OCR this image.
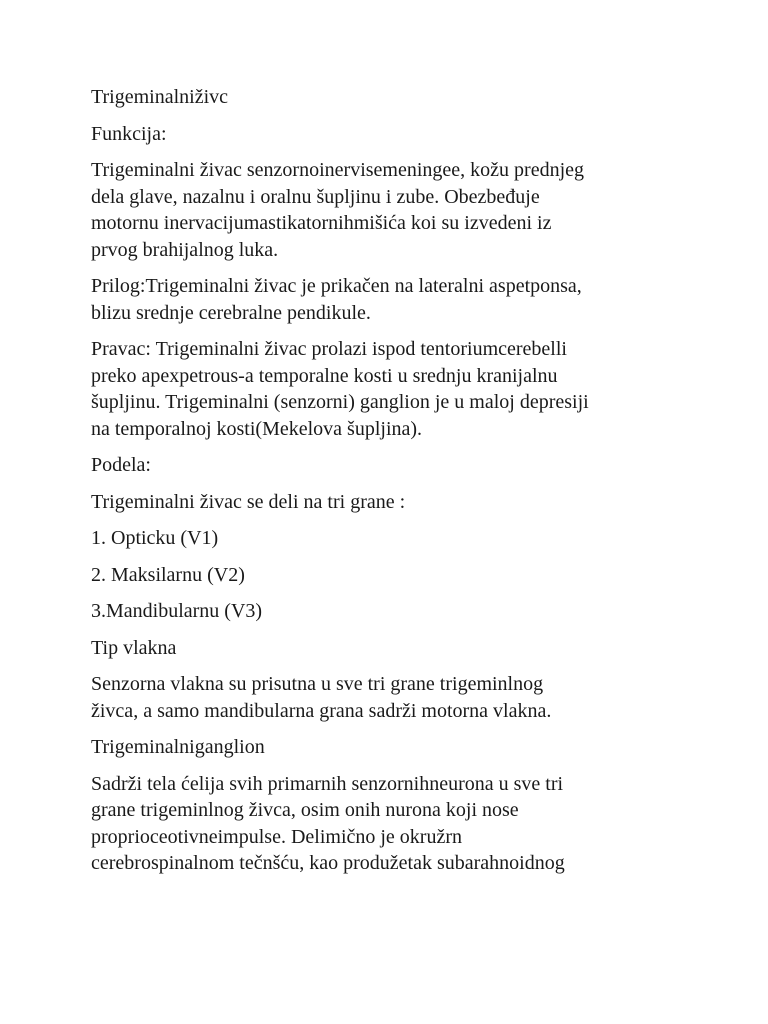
Trigeminalniživc
Funkcija:
Trigeminalni živac senzornoinervisemeningee, kožu prednjeg
dela glave, nazalnu i oralnu šupljinu i zube. Obezbeđuje
motornu inervacijumastikatornihmišića koi su izvedeni iz
prvog brahijalnog luka.
Prilog:Trigeminalni živac je prikačen na lateralni aspetponsa,
blizu srednje cerebralne pendikule.
Pravac: Trigeminalni živac prolazi ispod tentoriumcerebelli
preko apexpetrous-a temporalne kosti u srednju kranijalnu
šupljinu. Trigeminalni (senzorni) ganglion je u maloj depresiji
na temporalnoj kosti(Mekelova šupljina).
Podela:
Trigeminalni živac se deli na tri grane :
1. Opticku (V1)
2. Maksilarnu (V2)
3.Mandibularnu (V3)
Tip vlakna
Senzorna vlakna su prisutna u sve tri grane trigeminlnog
živca, a samo mandibularna grana sadrži motorna vlakna.
Trigeminalniganglion
Sadrži tela ćelija svih primarnih senzornihneurona u sve tri
grane trigeminlnog živca, osim onih nurona koji nose
proprioceotivneimpulse. Delimično je okružrn
cerebrospinalnom tečnšću, kao produžetak subarahnoidnog
